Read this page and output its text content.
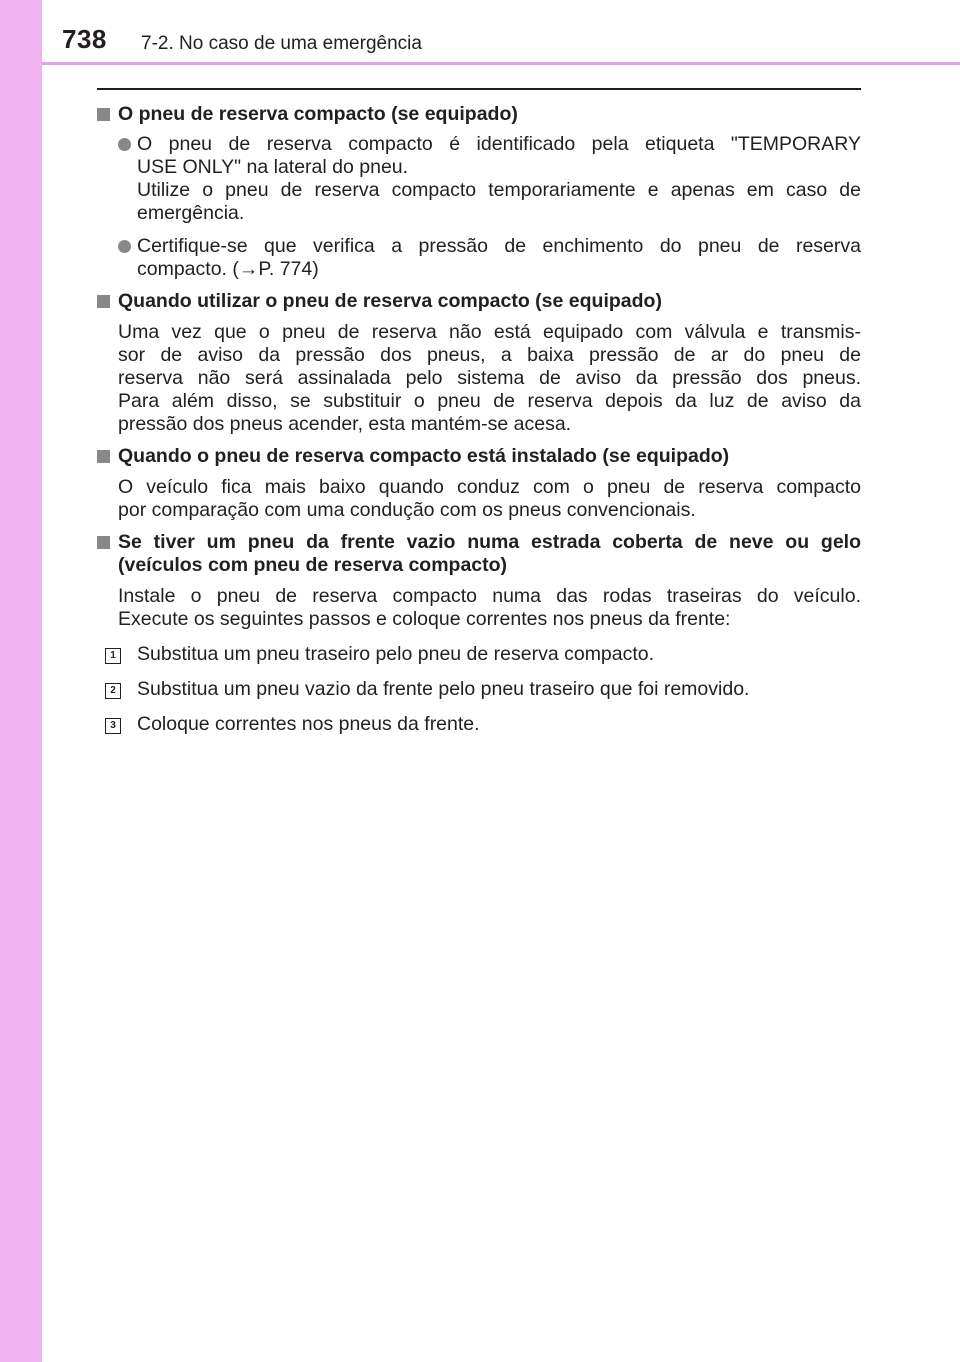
738 7-2. No caso de uma emergência
O pneu de reserva compacto (se equipado)
O pneu de reserva compacto é identificado pela etiqueta "TEMPORARY
USE ONLY" na lateral do pneu.
Utilize o pneu de reserva compacto temporariamente e apenas em caso de
emergência.
Certifique-se que verifica a pressão de enchimento do pneu de reserva
compacto. (→P. 774)
Quando utilizar o pneu de reserva compacto (se equipado)
Uma vez que o pneu de reserva não está equipado com válvula e transmis-
sor de aviso da pressão dos pneus, a baixa pressão de ar do pneu de
reserva não será assinalada pelo sistema de aviso da pressão dos pneus.
Para além disso, se substituir o pneu de reserva depois da luz de aviso da
pressão dos pneus acender, esta mantém-se acesa.
Quando o pneu de reserva compacto está instalado (se equipado)
O veículo fica mais baixo quando conduz com o pneu de reserva compacto
por comparação com uma condução com os pneus convencionais.
Se tiver um pneu da frente vazio numa estrada coberta de neve ou gelo
(veículos com pneu de reserva compacto)
Instale o pneu de reserva compacto numa das rodas traseiras do veículo.
Execute os seguintes passos e coloque correntes nos pneus da frente:
1 Substitua um pneu traseiro pelo pneu de reserva compacto.
2 Substitua um pneu vazio da frente pelo pneu traseiro que foi removido.
3 Coloque correntes nos pneus da frente.
